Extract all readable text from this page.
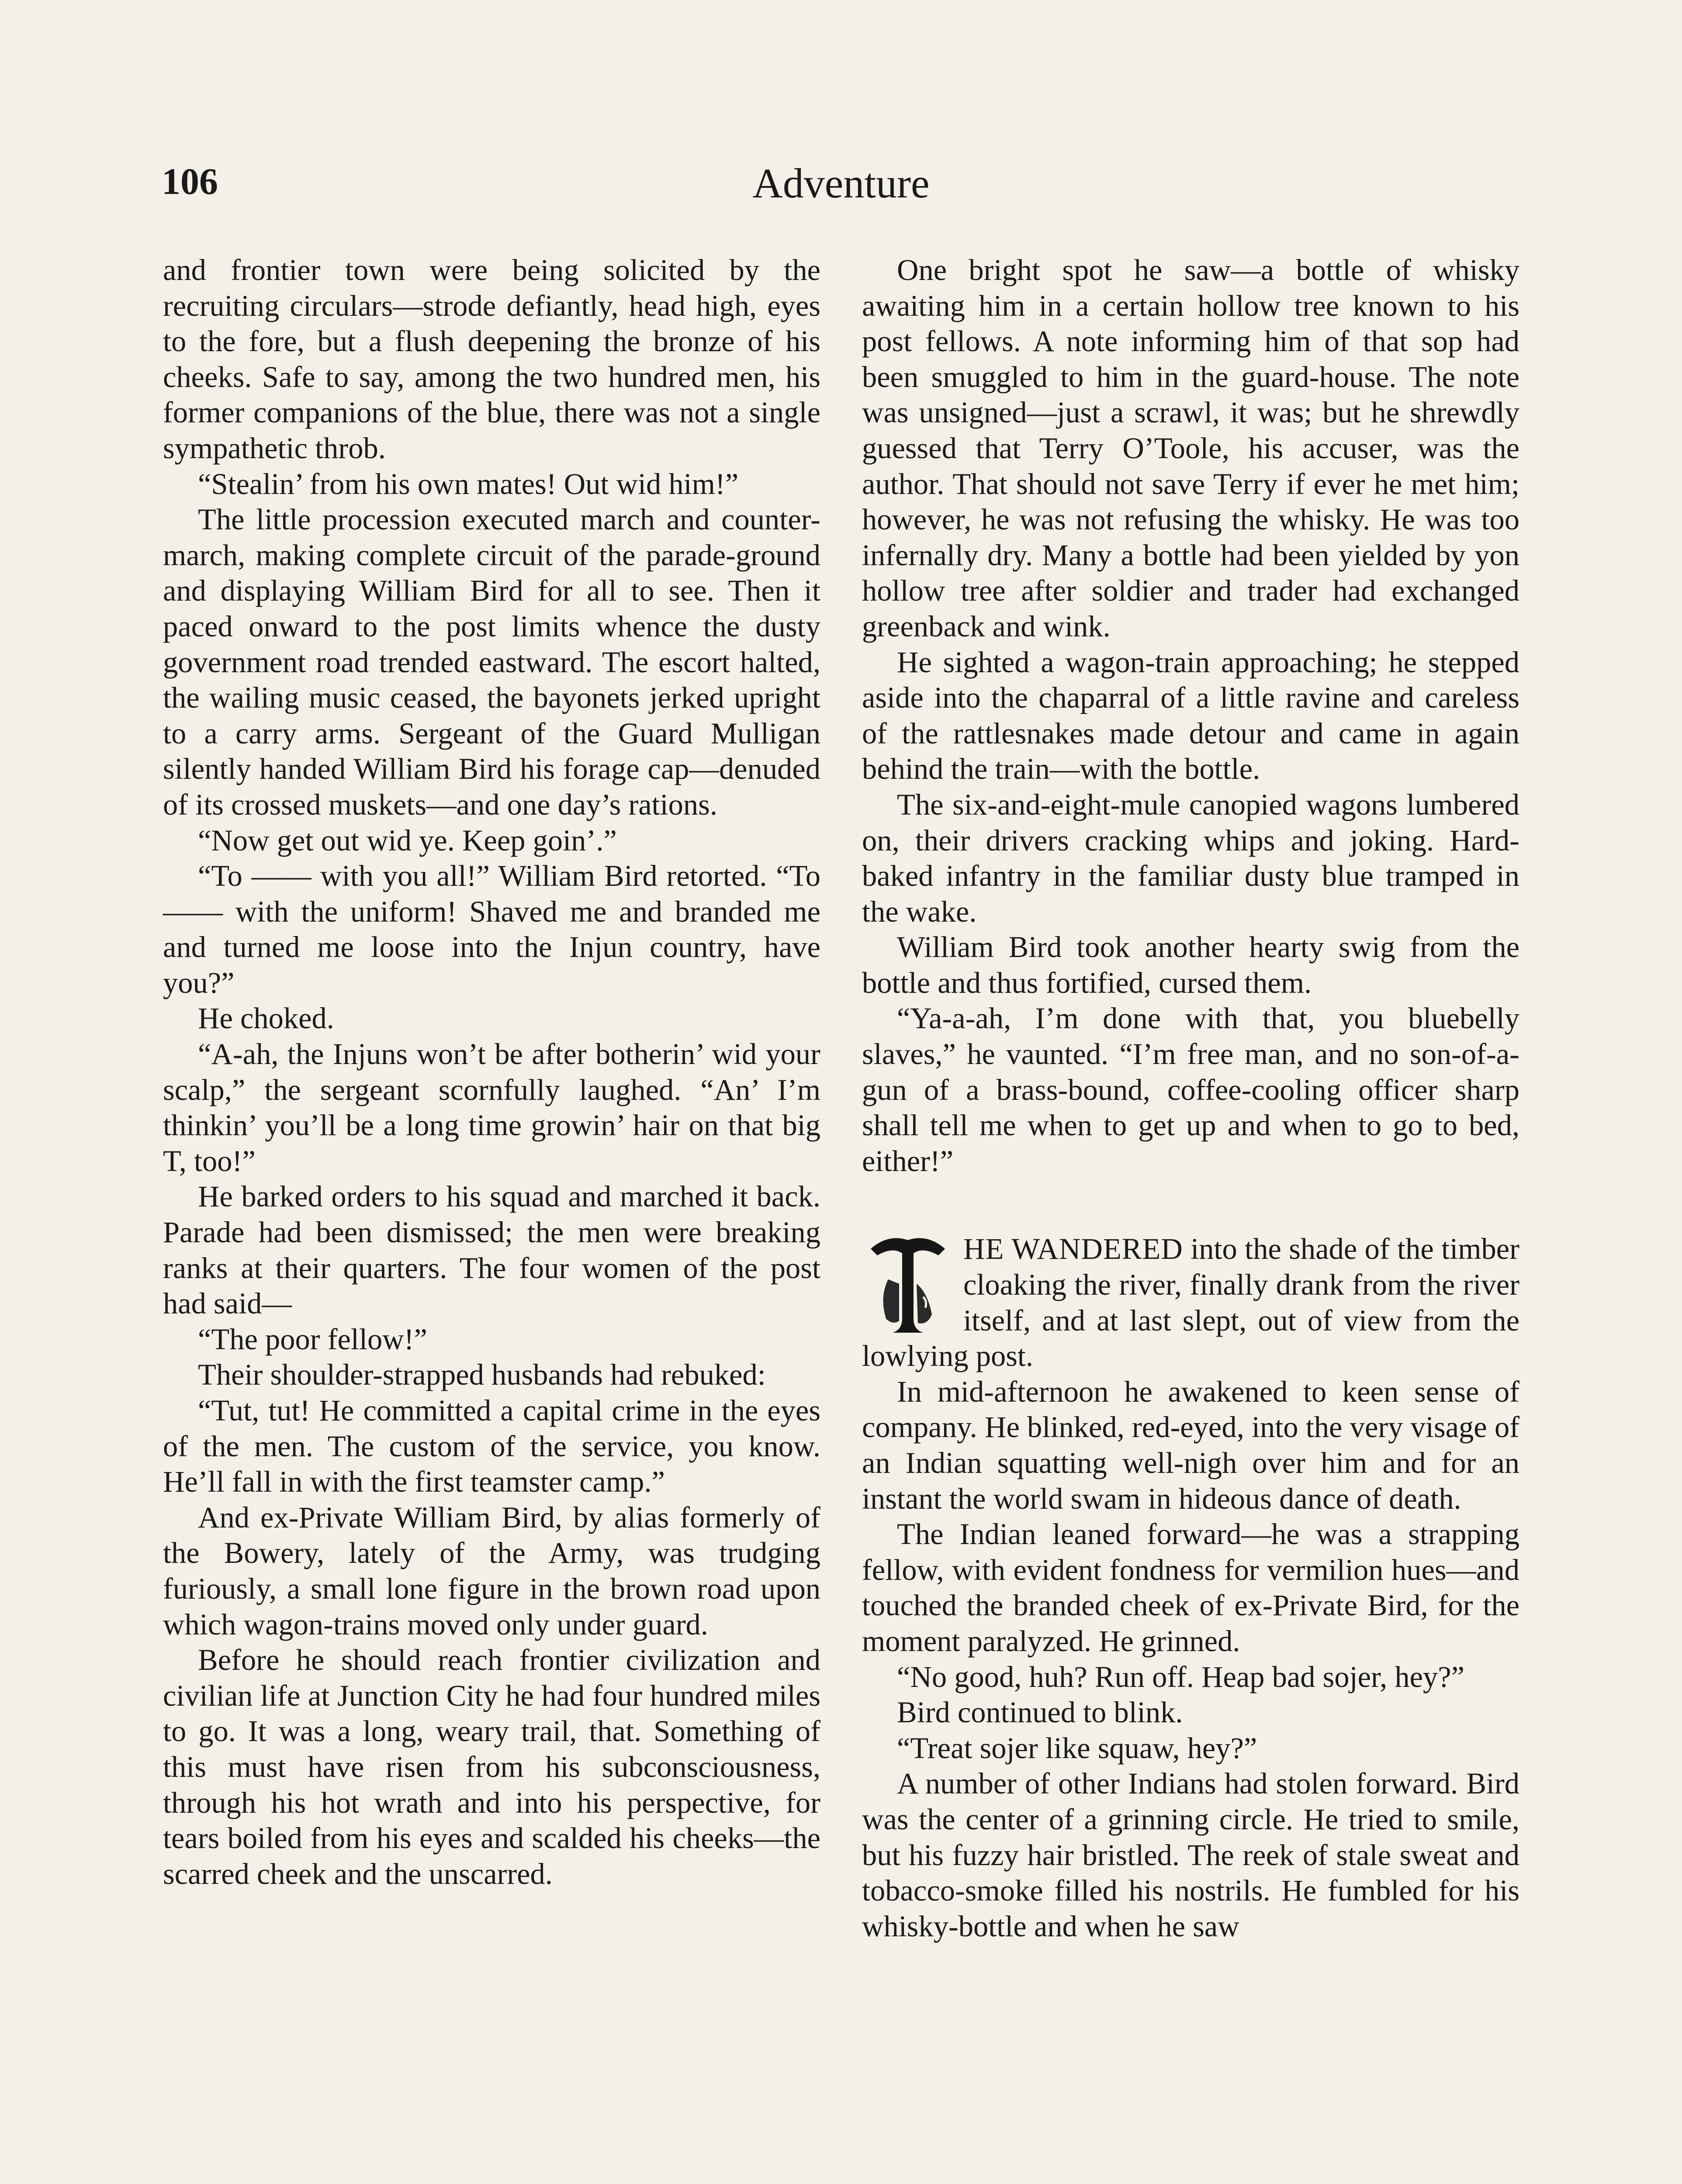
106	Adventure

and frontier town were being solicited by the recruiting circulars—strode defiantly, head high, eyes to the fore, but a flush deepening the bronze of his cheeks. Safe to say, among the two hundred men, his former companions of the blue, there was not a single sympathetic throb.

“Stealin’ from his own mates! Out wid him!”

The little procession executed march and counter-march, making complete circuit of the parade-ground and displaying William Bird for all to see. Then it paced onward to the post limits whence the dusty government road trended eastward. The escort halted, the wailing music ceased, the bayonets jerked upright to a carry arms. Sergeant of the Guard Mulligan silently handed William Bird his forage cap—denuded of its crossed muskets—and one day’s rations.

“Now get out wid ye. Keep goin’.”

“To —— with you all!” William Bird retorted. “To —— with the uniform! Shaved me and branded me and turned me loose into the Injun country, have you?”

He choked.

“A-ah, the Injuns won’t be after botherin’ wid your scalp,” the sergeant scornfully laughed. “An’ I’m thinkin’ you’ll be a long time growin’ hair on that big T, too!”

He barked orders to his squad and marched it back. Parade had been dismissed; the men were breaking ranks at their quarters. The four women of the post had said—

“The poor fellow!”

Their shoulder-strapped husbands had rebuked:

“Tut, tut! He committed a capital crime in the eyes of the men. The custom of the service, you know. He’ll fall in with the first teamster camp.”

And ex-Private William Bird, by alias formerly of the Bowery, lately of the Army, was trudging furiously, a small lone figure in the brown road upon which wagon-trains moved only under guard.

Before he should reach frontier civilization and civilian life at Junction City he had four hundred miles to go. It was a long, weary trail, that. Something of this must have risen from his subconsciousness, through his hot wrath and into his perspective, for tears boiled from his eyes and scalded his cheeks—the scarred cheek and the unscarred.

One bright spot he saw—a bottle of whisky awaiting him in a certain hollow tree known to his post fellows. A note informing him of that sop had been smuggled to him in the guard-house. The note was unsigned—just a scrawl, it was; but he shrewdly guessed that Terry O’Toole, his accuser, was the author. That should not save Terry if ever he met him; however, he was not refusing the whisky. He was too infernally dry. Many a bottle had been yielded by yon hollow tree after soldier and trader had exchanged greenback and wink.

He sighted a wagon-train approaching; he stepped aside into the chaparral of a little ravine and careless of the rattlesnakes made detour and came in again behind the train—with the bottle.

The six-and-eight-mule canopied wagons lumbered on, their drivers cracking whips and joking. Hard-baked infantry in the familiar dusty blue tramped in the wake.

William Bird took another hearty swig from the bottle and thus fortified, cursed them.

“Ya-a-ah, I’m done with that, you bluebelly slaves,” he vaunted. “I’m free man, and no son-of-a-gun of a brass-bound, coffee-cooling officer sharp shall tell me when to get up and when to go to bed, either!”

HE WANDERED into the shade of the timber cloaking the river, finally drank from the river itself, and at last slept, out of view from the lowlying post.

In mid-afternoon he awakened to keen sense of company. He blinked, red-eyed, into the very visage of an Indian squatting well-nigh over him and for an instant the world swam in hideous dance of death.

The Indian leaned forward—he was a strapping fellow, with evident fondness for vermilion hues—and touched the branded cheek of ex-Private Bird, for the moment paralyzed. He grinned.

“No good, huh? Run off. Heap bad sojer, hey?”

Bird continued to blink.

“Treat sojer like squaw, hey?”

A number of other Indians had stolen forward. Bird was the center of a grinning circle. He tried to smile, but his fuzzy hair bristled. The reek of stale sweat and tobacco-smoke filled his nostrils. He fumbled for his whisky-bottle and when he saw
